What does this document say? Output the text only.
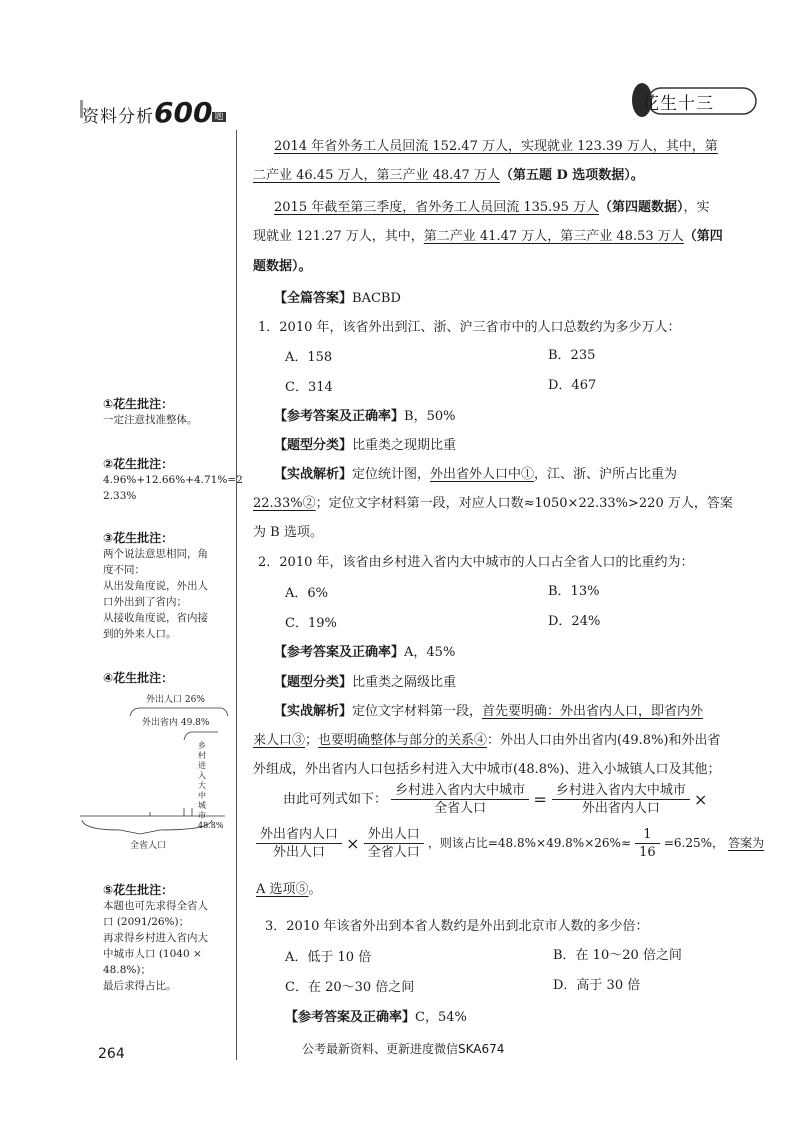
资料分析600 题
花生十三
2014 年省外务工人员回流 152.47 万人，实现就业 123.39 万人，其中，第
二产业 46.45 万人，第三产业 48.47 万人（第五题 D 选项数据）。
2015 年截至第三季度，省外务工人员回流 135.95 万人（第四题数据），实
现就业 121.27 万人，其中，第二产业 41.47 万人，第三产业 48.53 万人（第四
题数据）。
【全篇答案】BACBD
1．2010 年，该省外出到江、浙、沪三省市中的人口总数约为多少万人：
A．158	B．235
C．314	D．467
【参考答案及正确率】B，50%
【题型分类】比重类之现期比重
【实战解析】定位统计图，外出省外人口中①，江、浙、沪所占比重为
22.33%②；定位文字材料第一段，对应人口数≈1050×22.33%>220 万人，答案
为 B 选项。
2．2010 年，该省由乡村进入省内大中城市的人口占全省人口的比重约为：
A．6%	B．13%
C．19%	D．24%
【参考答案及正确率】A，45%
【题型分类】比重类之隔级比重
【实战解析】定位文字材料第一段，首先要明确：外出省内人口，即省内外
来人口③；也要明确整体与部分的关系④：外出人口由外出省内(49.8%)和外出省
外组成，外出省内人口包括乡村进入大中城市(48.8%)、进入小城镇人口及其他；
由此可列式如下： $\frac{\text{乡村进入省内大中城市}}{\text{全省人口}} = \frac{\text{乡村进入省内大中城市}}{\text{外出省内人口}}$ ×
$\frac{\text{外出省内人口}}{\text{外出人口}} \times \frac{\text{外出人口}}{\text{全省人口}}$ ，则该占比$=48.8\%\times 49.8\%\times 26\%\approx \frac{1}{16} =6.25\%$， 答案为
A 选项⑤。
3．2010 年该省外出到本省人数约是外出到北京市人数的多少倍：
A．低于 10 倍	B．在 10～20 倍之间
C．在 20～30 倍之间	D．高于 30 倍
【参考答案及正确率】C，54%
①花生批注：
一定注意找准整体。
②花生批注：
4.96%+12.66%+4.71%=2
2.33%
③花生批注：
两个说法意思相同，角
度不同：
从出发角度说，外出人
口外出到了省内；
从接收角度说，省内接
到的外来人口。
④花生批注：
外出人口 26%
外出省内 49.8%
全省人口
乡
村
进
入
大
中
城
市
48.8%
⑤花生批注：
本题也可先求得全省人
口 (2091/26%)；
再求得乡村进入省内大
中城市人口 (1040 ×
48.8%)；
最后求得占比。
264	公考最新资料、更新进度微信SKA674
